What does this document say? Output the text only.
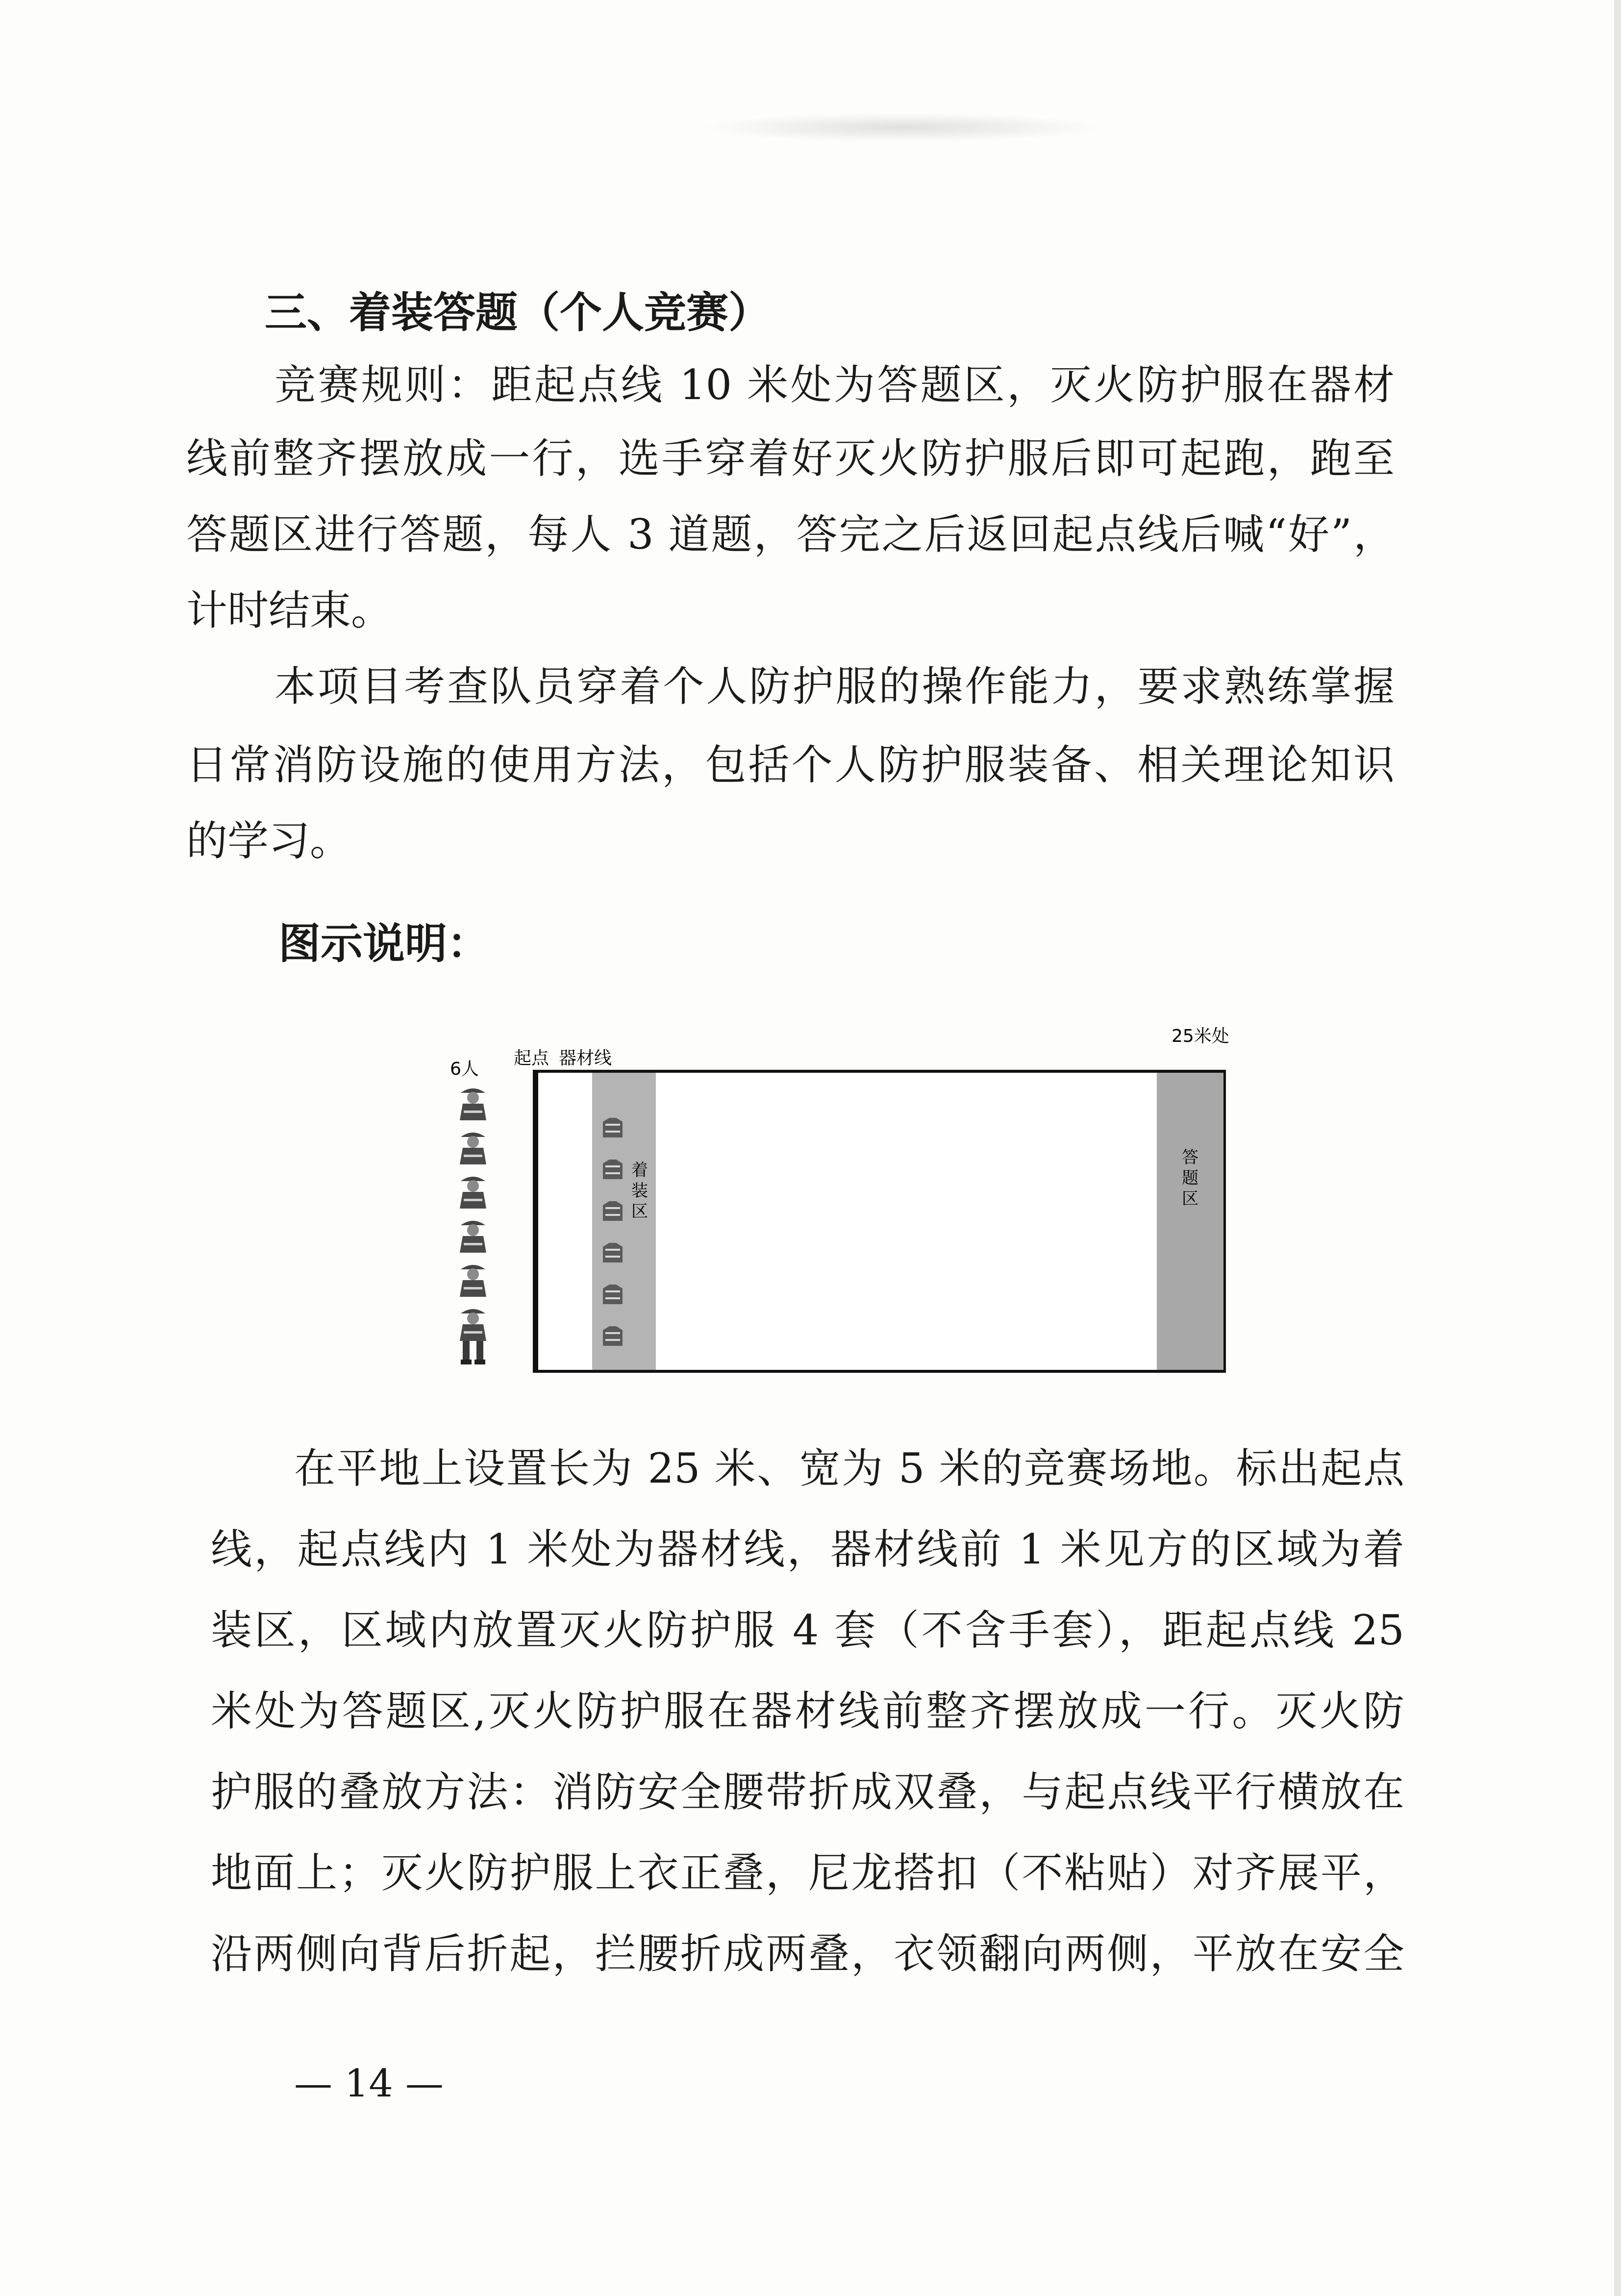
三、着装答题（个人竞赛）
竞赛规则：距起点线 10 米处为答题区，灭火防护服在器材
线前整齐摆放成一行，选手穿着好灭火防护服后即可起跑，跑至
答题区进行答题，每人 3 道题，答完之后返回起点线后喊“好”，
计时结束。
本项目考查队员穿着个人防护服的操作能力，要求熟练掌握
日常消防设施的使用方法，包括个人防护服装备、相关理论知识
的学习。
图示说明：
6人
起点 器材线
25米处
着
装
区
答
题
区
在平地上设置长为 25 米、宽为 5 米的竞赛场地。标出起点
线，起点线内 1 米处为器材线，器材线前 1 米见方的区域为着
装区，区域内放置灭火防护服 4 套（不含手套），距起点线 25
米处为答题区,灭火防护服在器材线前整齐摆放成一行。灭火防
护服的叠放方法：消防安全腰带折成双叠，与起点线平行横放在
地面上；灭火防护服上衣正叠，尼龙搭扣（不粘贴）对齐展平，
沿两侧向背后折起，拦腰折成两叠，衣领翻向两侧，平放在安全
— 14 —
